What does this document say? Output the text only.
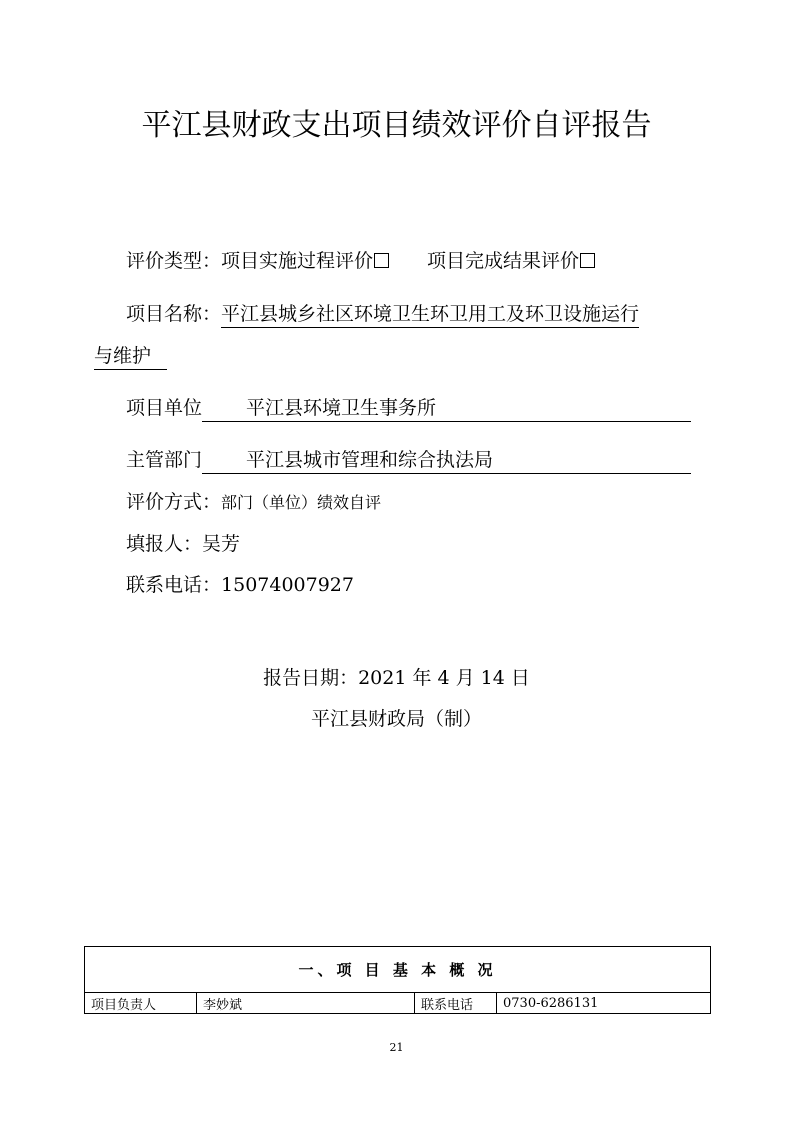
平江县财政支出项目绩效评价自评报告
评价类型：项目实施过程评价	项目完成结果评价
项目名称：平江县城乡社区环境卫生环卫用工及环卫设施运行
与维护
项目单位 平江县环境卫生事务所
主管部门 平江县城市管理和综合执法局
评价方式：部门（单位）绩效自评
填报人：吴芳
联系电话：15074007927
报告日期：2021 年 4 月 14 日
平江县财政局（制）
一、项 目 基 本 概 况
项目负责人	李妙斌	联系电话	0730-6286131
21
